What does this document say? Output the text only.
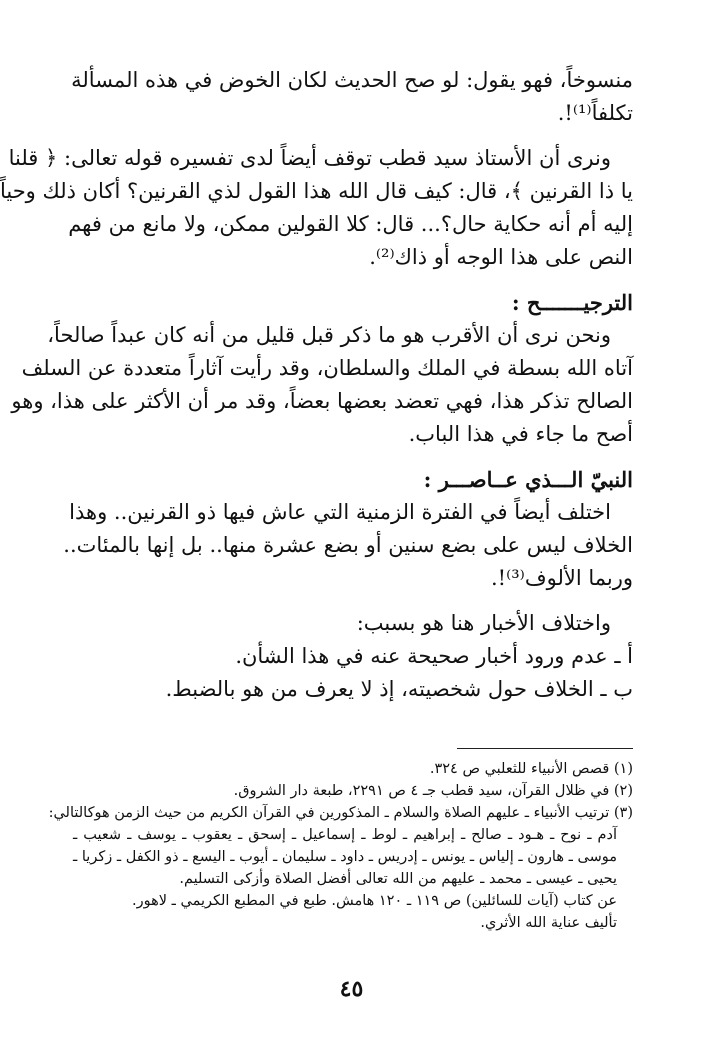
منسوخاً، فهو يقول: لو صح الحديث لكان الخوض في هذه المسألة
تكلفاً⁽¹⁾!.
ونرى أن الأستاذ سيد قطب توقف أيضاً لدى تفسيره قوله تعالى: ﴿ قلنا
يا ذا القرنين ﴾، قال: كيف قال الله هذا القول لذي القرنين؟ أكان ذلك وحياً
إليه أم أنه حكاية حال؟... قال: كلا القولين ممكن، ولا مانع من فهم
النص على هذا الوجه أو ذاك⁽²⁾.
الترجيـــــــح :
ونحن نرى أن الأقرب هو ما ذكر قبل قليل من أنه كان عبداً صالحاً،
آتاه الله بسطة في الملك والسلطان، وقد رأيت آثاراً متعددة عن السلف
الصالح تذكر هذا، فهي تعضد بعضها بعضاً، وقد مر أن الأكثر على هذا، وهو
أصح ما جاء في هذا الباب.
النبيّ الـــذي عــاصـــر :
اختلف أيضاً في الفترة الزمنية التي عاش فيها ذو القرنين.. وهذا
الخلاف ليس على بضع سنين أو بضع عشرة منها.. بل إنها بالمئات..
وربما الألوف⁽³⁾!.
واختلاف الأخبار هنا هو بسبب:
أ ـ عدم ورود أخبار صحيحة عنه في هذا الشأن.
ب ـ الخلاف حول شخصيته، إذ لا يعرف من هو بالضبط.
(١) قصص الأنبياء للثعلبي ص ٣٢٤.
(٢) في ظلال القرآن، سيد قطب جـ ٤ ص ٢٢٩١، طبعة دار الشروق.
(٣) ترتيب الأنبياء ـ عليهم الصلاة والسلام ـ المذكورين في القرآن الكريم من حيث الزمن هوكالتالي:
آدم ـ نوح ـ هـود ـ صالح ـ إبراهيم ـ لوط ـ إسماعيل ـ إسحق ـ يعقوب ـ يوسف ـ شعيب ـ
موسى ـ هارون ـ إلياس ـ يونس ـ إدريس ـ داود ـ سليمان ـ أيوب ـ اليسع ـ ذو الكفل ـ زكريا ـ
يحيى ـ عيسى ـ محمد ـ عليهم من الله تعالى أفضل الصلاة وأزكى التسليم.
عن كتاب (آيات للسائلين) ص ١١٩ ـ ١٢٠ هامش. طبع في المطبع الكريمي ـ لاهور.
تأليف عناية الله الأثري.
٤٥
